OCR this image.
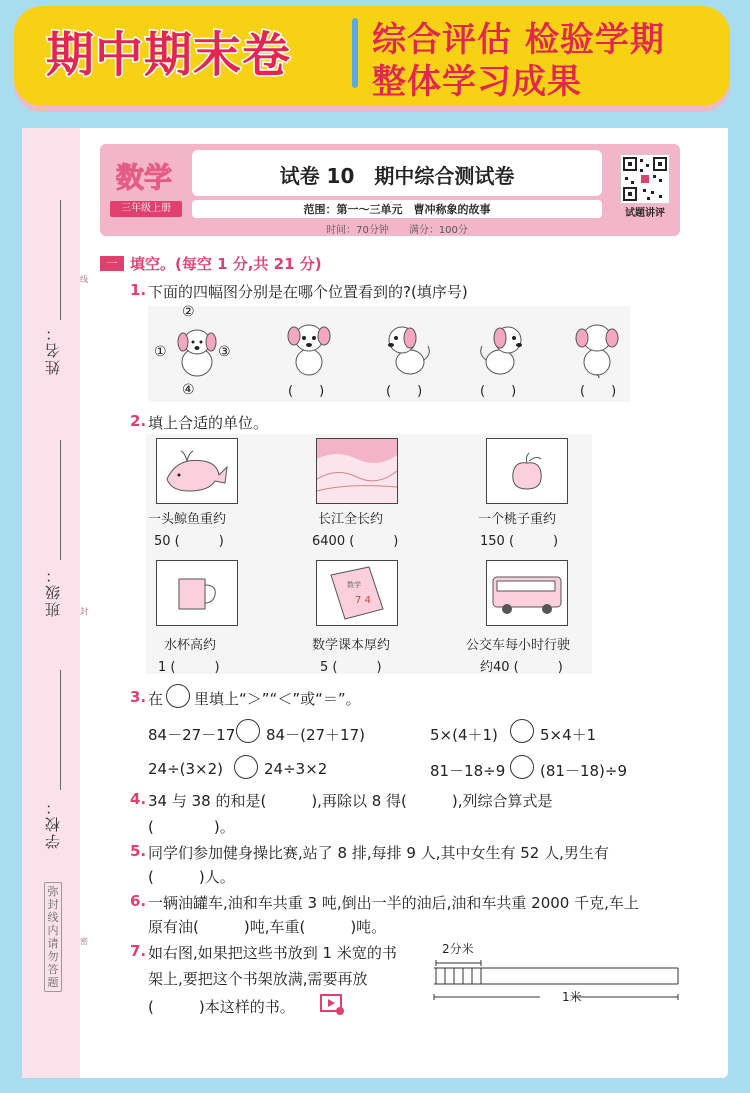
期中期末卷 综合评估 检验学期
整体学习成果
姓名：
线
班级： 封
学校：
密
弥封线内请勿答题
数学
三年级上册
试卷 10　期中综合测试卷
范围：第一～三单元　曹冲称象的故事
时间：70分钟　　满分：100分
试题讲评
一 填空。(每空 1 分,共 21 分)
1. 下面的四幅图分别是在哪个位置看到的?(填序号)
②
①	③
④	(　　)	(　　)	(　　)	(　　)
2. 填上合适的单位。
一头鲸鱼重约	长江全长约	一个桃子重约
50 (　　　)	6400 (　　　)	150 (　　　)
数学
7 4
水杯高约	数学课本厚约	公交车每小时行驶
1 (　　　)	5 (　　　)	约40 (　　　)
3. 在 里填上“＞”“＜”或“＝”。
84－27－17 84－(27＋17)	5×(4＋1)	5×4＋1
24÷(3×2)	24÷3×2	81－18÷9 (81－18)÷9
4. 34 与 38 的和是(　　　),再除以 8 得(　　　),列综合算式是
(　　　　)。
5. 同学们参加健身操比赛,站了 8 排,每排 9 人,其中女生有 52 人,男生有
(　　　)人。
6. 一辆油罐车,油和车共重 3 吨,倒出一半的油后,油和车共重 2000 千克,车上
原有油(　　　)吨,车重(　　　)吨。
7. 如右图,如果把这些书放到 1 米宽的书
架上,要把这个书架放满,需要再放
(　　　)本这样的书。
2分米
1米
